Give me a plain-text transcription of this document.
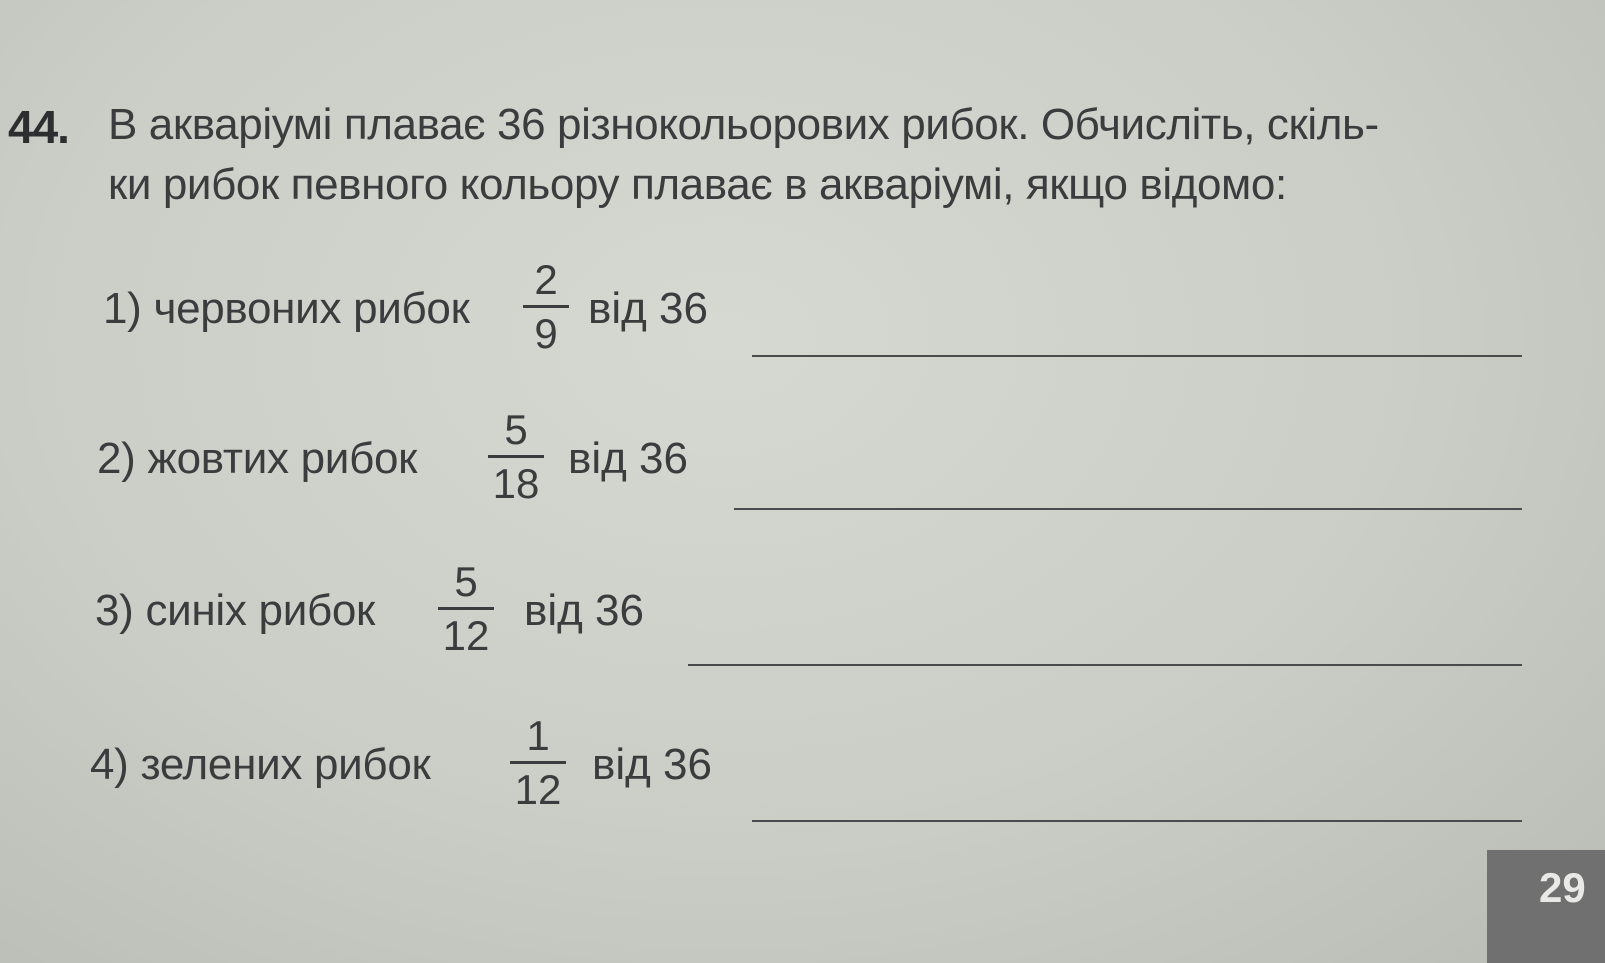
44. В акваріумі плаває 36 різнокольорових рибок. Обчисліть, скіль-
ки рибок певного кольору плаває в акваріумі, якщо відомо:
1) червоних рибок
2
9
від 36
2) жовтих рибок
5
18
від 36
3) синіх рибок
5
12
від 36
4) зелених рибок
1
12
від 36
29
